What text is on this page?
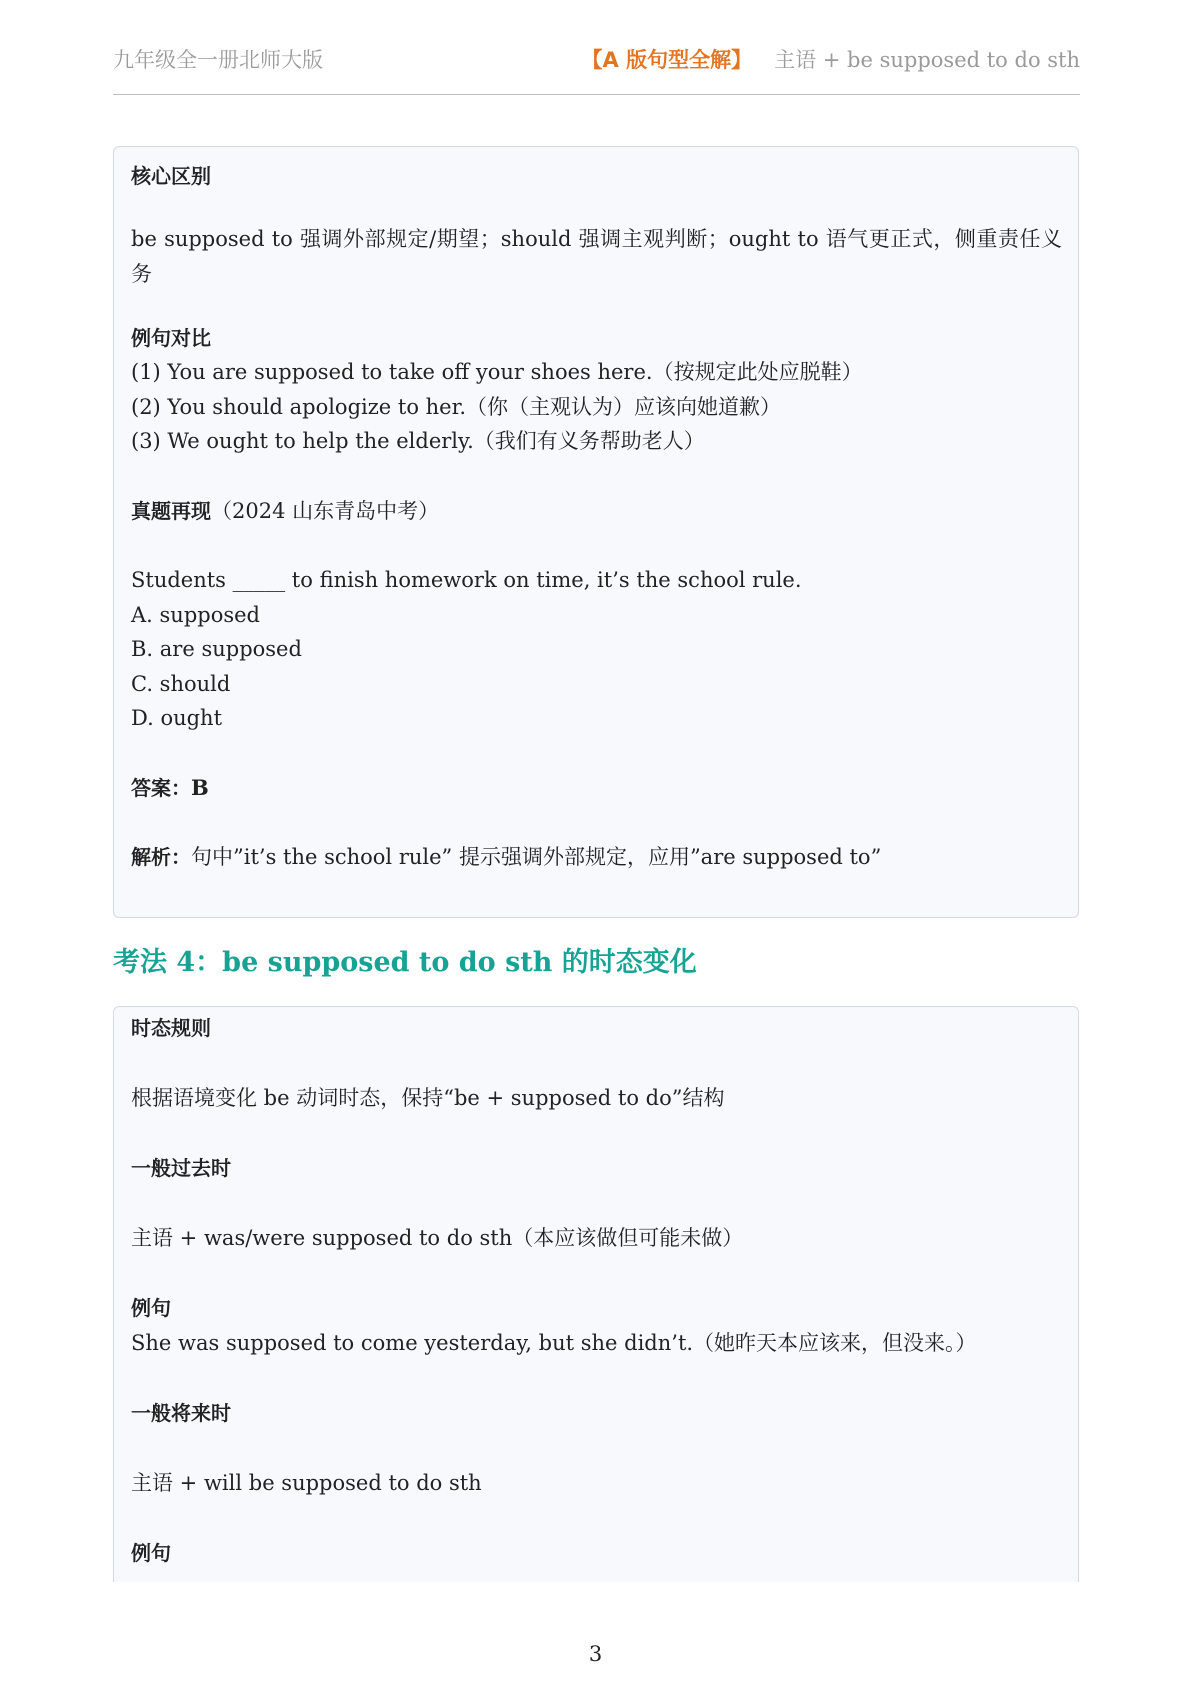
九年级全一册北师大版	【A 版句型全解】 主语 + be supposed to do sth
核心区别
be supposed to 强调外部规定/期望；should 强调主观判断；ought to 语气更正式，侧重责任义务
例句对比
(1) You are supposed to take off your shoes here.（按规定此处应脱鞋）
(2) You should apologize to her.（你（主观认为）应该向她道歉）
(3) We ought to help the elderly.（我们有义务帮助老人）
真题再现（2024 山东青岛中考）
Students _____ to finish homework on time, it’s the school rule.
A. supposed
B. are supposed
C. should
D. ought
答案：B
解析：句中”it’s the school rule” 提示强调外部规定，应用”are supposed to”
考法 4：be supposed to do sth 的时态变化
时态规则
根据语境变化 be 动词时态，保持“be + supposed to do”结构
一般过去时
主语 + was/were supposed to do sth（本应该做但可能未做）
例句
She was supposed to come yesterday, but she didn’t.（她昨天本应该来，但没来。）
一般将来时
主语 + will be supposed to do sth
例句
3
